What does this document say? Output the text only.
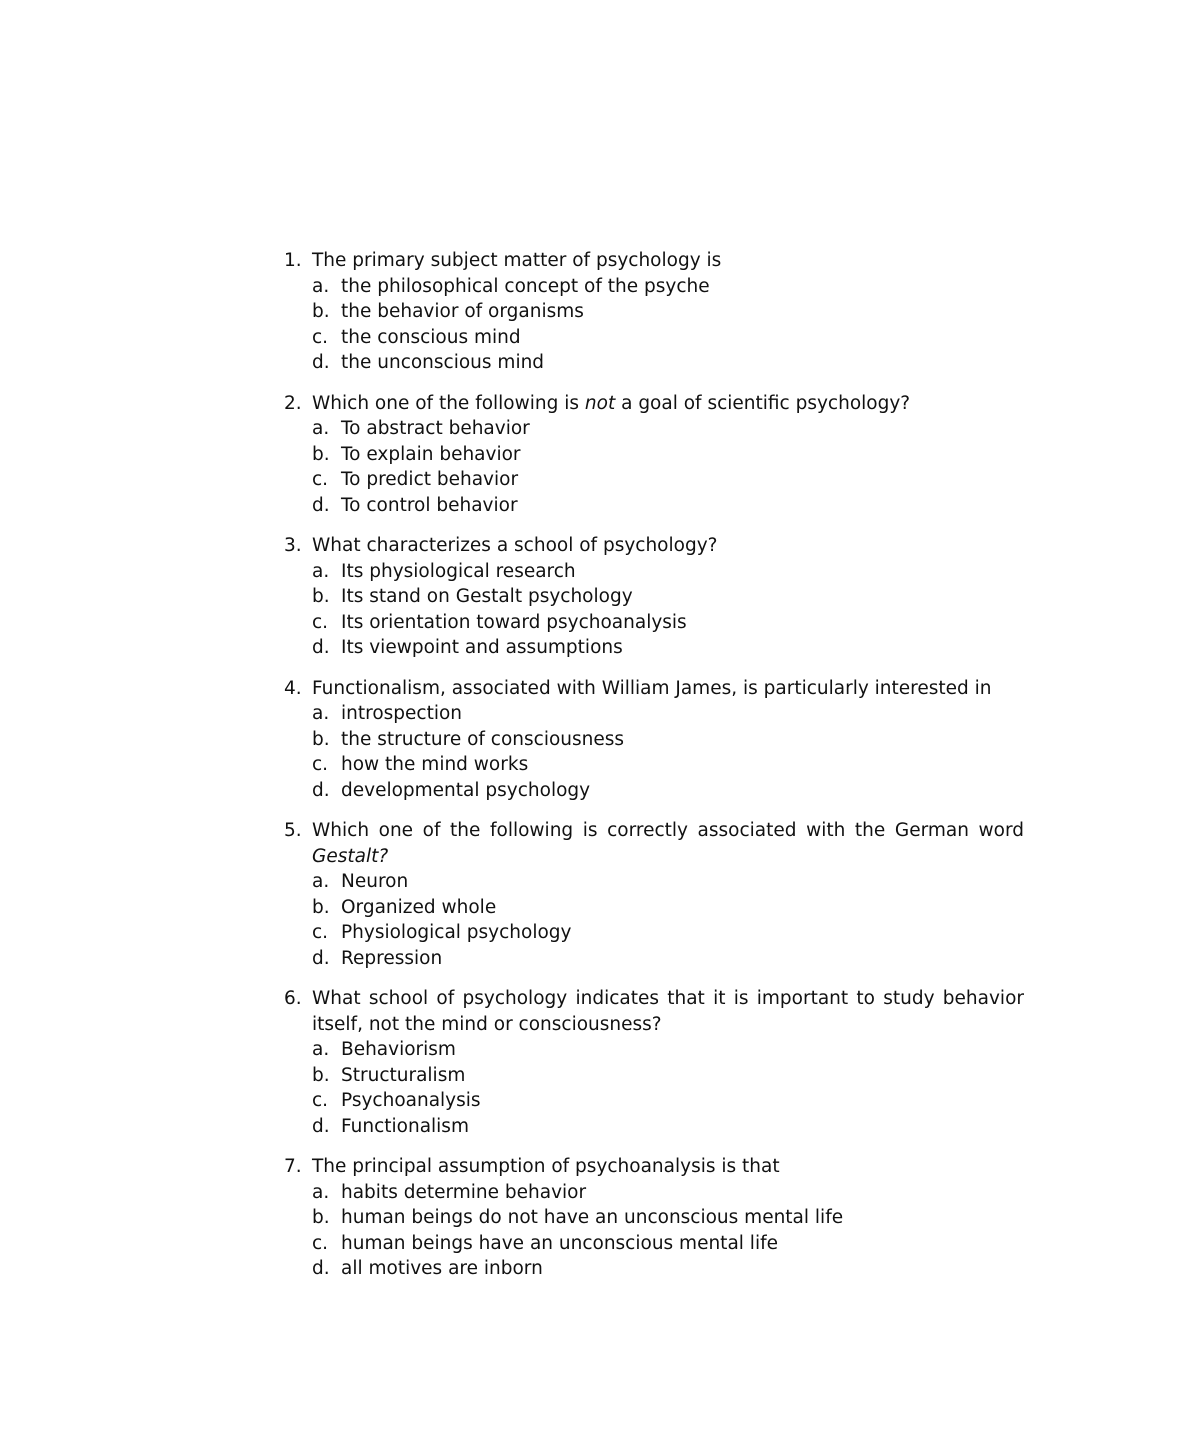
1. The primary subject matter of psychology is
a. the philosophical concept of the psyche
b. the behavior of organisms
c. the conscious mind
d. the unconscious mind
2. Which one of the following is not a goal of scientific psychology?
a. To abstract behavior
b. To explain behavior
c. To predict behavior
d. To control behavior
3. What characterizes a school of psychology?
a. Its physiological research
b. Its stand on Gestalt psychology
c. Its orientation toward psychoanalysis
d. Its viewpoint and assumptions
4. Functionalism, associated with William James, is particularly interested in
a. introspection
b. the structure of consciousness
c. how the mind works
d. developmental psychology
5. Which one of the following is correctly associated with the German word Gestalt?
a. Neuron
b. Organized whole
c. Physiological psychology
d. Repression
6. What school of psychology indicates that it is important to study behavior itself, not the mind or consciousness?
a. Behaviorism
b. Structuralism
c. Psychoanalysis
d. Functionalism
7. The principal assumption of psychoanalysis is that
a. habits determine behavior
b. human beings do not have an unconscious mental life
c. human beings have an unconscious mental life
d. all motives are inborn
